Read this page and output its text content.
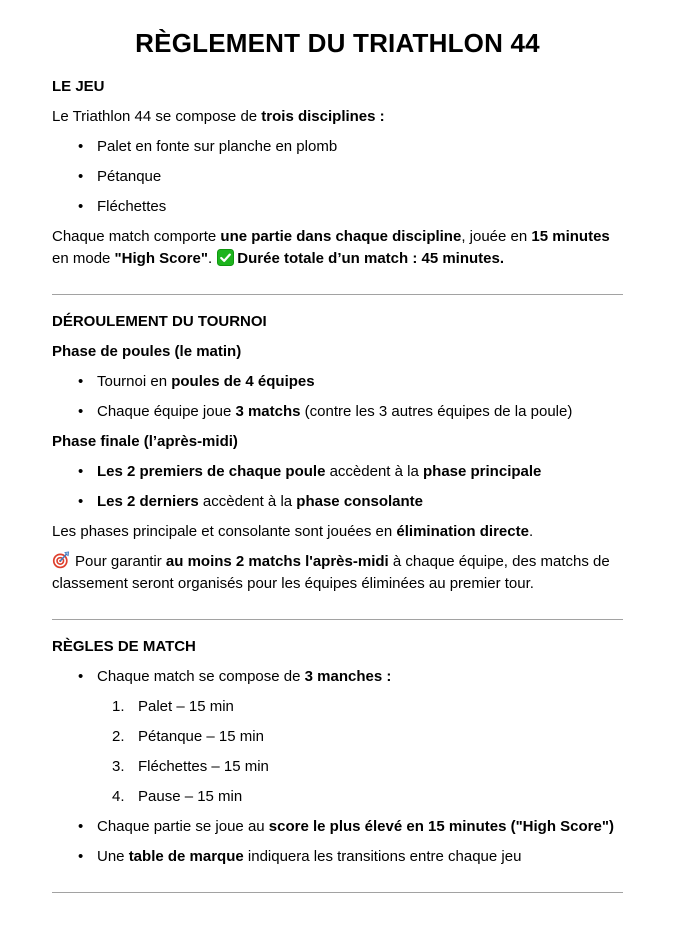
RÈGLEMENT DU TRIATHLON 44
LE JEU

Le Triathlon 44 se compose de trois disciplines :

• Palet en fonte sur planche en plomb
• Pétanque
• Fléchettes

Chaque match comporte une partie dans chaque discipline, jouée en 15 minutes en mode "High Score". Durée totale d’un match : 45 minutes.

DÉROULEMENT DU TOURNOI
Phase de poules (le matin)
• Tournoi en poules de 4 équipes
• Chaque équipe joue 3 matchs (contre les 3 autres équipes de la poule)
Phase finale (l’après-midi)
• Les 2 premiers de chaque poule accèdent à la phase principale
• Les 2 derniers accèdent à la phase consolante

Les phases principale et consolante sont jouées en élimination directe.

Pour garantir au moins 2 matchs l'après-midi à chaque équipe, des matchs de classement seront organisés pour les équipes éliminées au premier tour.

RÈGLES DE MATCH
• Chaque match se compose de 3 manches :
1. Palet – 15 min
2. Pétanque – 15 min
3. Fléchettes – 15 min
4. Pause – 15 min
• Chaque partie se joue au score le plus élevé en 15 minutes ("High Score")
• Une table de marque indiquera les transitions entre chaque jeu
